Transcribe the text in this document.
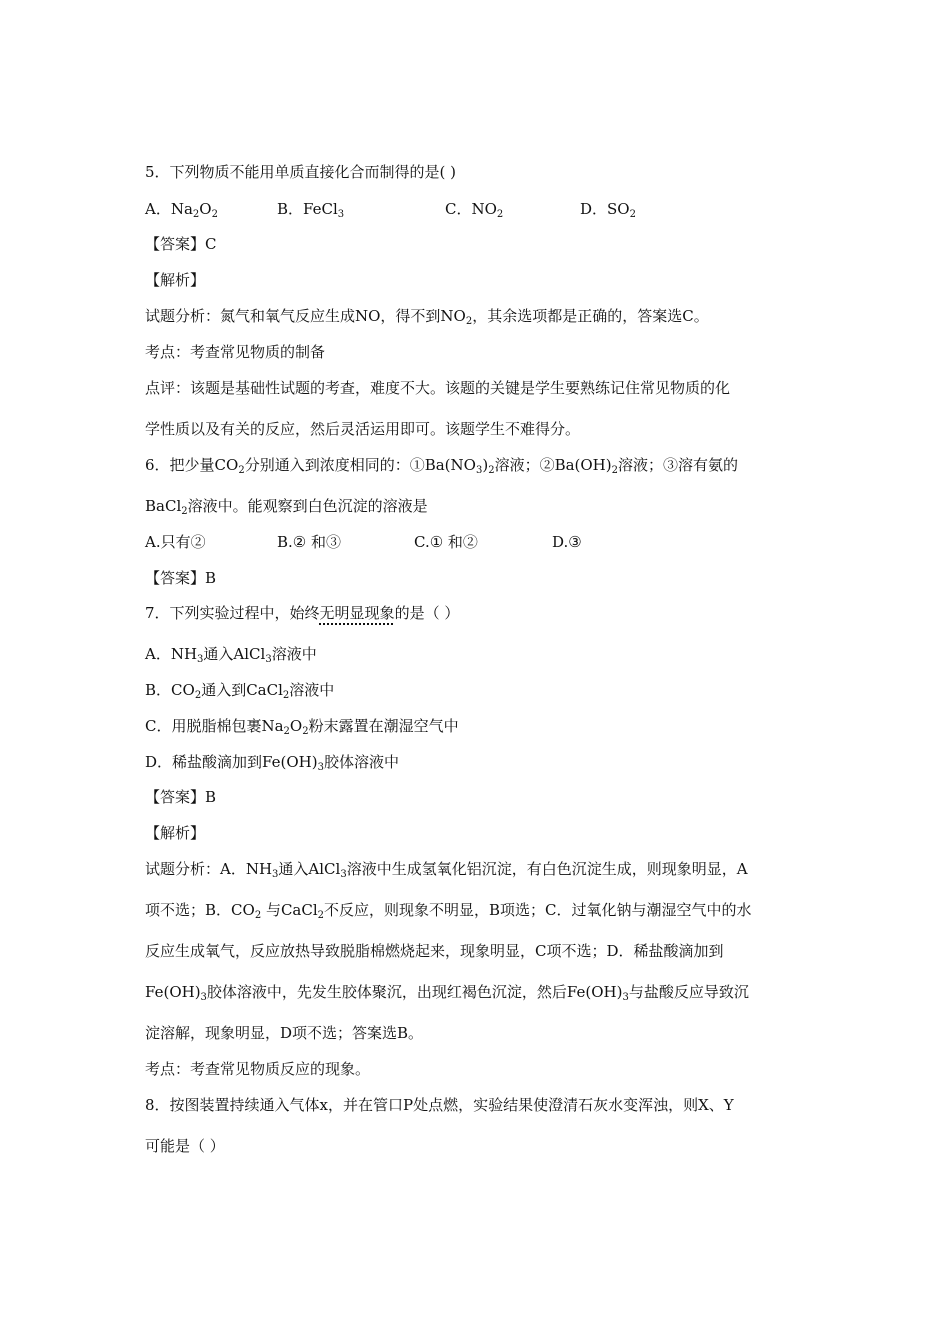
5．下列物质不能用单质直接化合而制得的是( )
A．$Na_2O_2$	B．FeCl$_3$	C．$NO_2$	D．$SO_2$
【答案】C
【解析】
试题分析：氮气和氧气反应生成NO，得不到$NO_2$，其余选项都是正确的，答案选C。
考点：考查常见物质的制备
点评：该题是基础性试题的考查，难度不大。该题的关键是学生要熟练记住常见物质的化
学性质以及有关的反应，然后灵活运用即可。该题学生不难得分。
6．把少量$CO_2$分别通入到浓度相同的：$①Ba(NO_3)_2$溶液；$②Ba(OH)_2$溶液；③溶有氨的
BaCl$_2$溶液中。能观察到白色沉淀的溶液是
A.只有②	B.② 和③	C.① 和②	D.③
【答案】B
7．下列实验过程中，始终无明显现象的是（ ）
A．$NH_3$通入AlCl$_3$溶液中
B．$CO_2$通入到CaCl$_2$溶液中
C．用脱脂棉包裹$Na_2O_2$粉末露置在潮湿空气中
D．稀盐酸滴加到$Fe(OH)_3$胶体溶液中
【答案】B
【解析】
试题分析：A．$NH_3$通入AlCl$_3$溶液中生成氢氧化铝沉淀，有白色沉淀生成，则现象明显，A
项不选；B．$CO_2$ 与CaCl$_2$不反应，则现象不明显，B项选；C．过氧化钠与潮湿空气中的水
反应生成氧气，反应放热导致脱脂棉燃烧起来，现象明显，C项不选；D．稀盐酸滴加到
$Fe(OH)_3$胶体溶液中，先发生胶体聚沉，出现红褐色沉淀，然后$Fe(OH)_3$与盐酸反应导致沉
淀溶解，现象明显，D项不选；答案选B。
考点：考查常见物质反应的现象。
8．按图装置持续通入气体x，并在管口P处点燃，实验结果使澄清石灰水变浑浊，则X、Y
可能是（ ）
